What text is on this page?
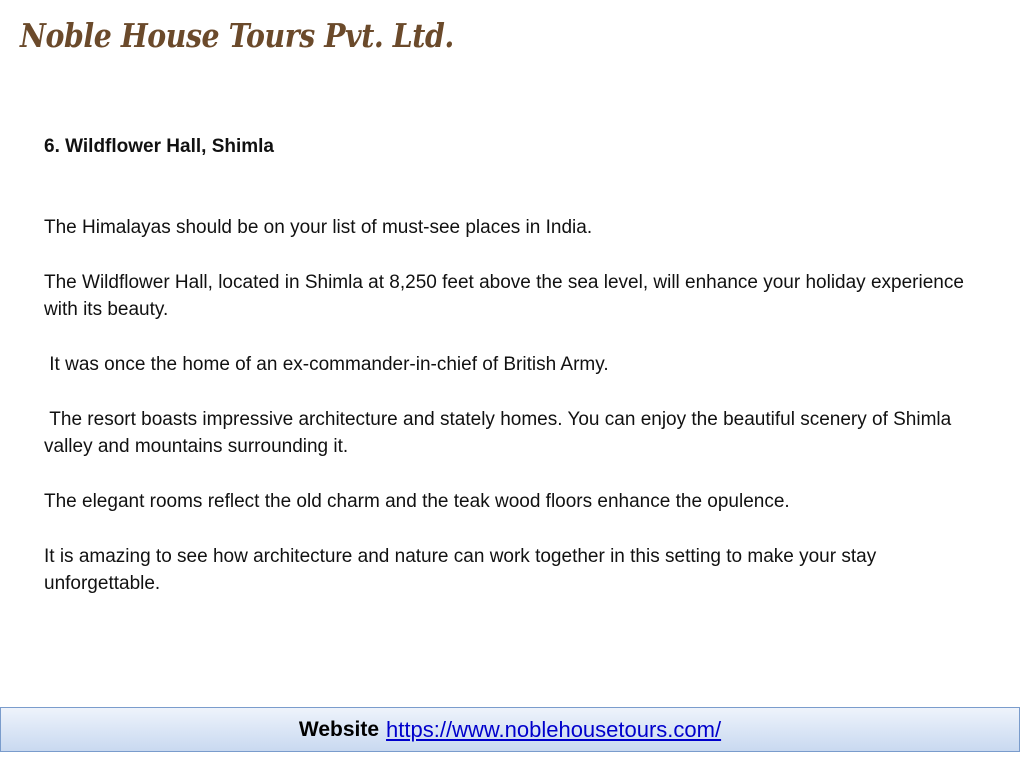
Noble House Tours Pvt. Ltd.

6. Wildflower Hall, Shimla

The Himalayas should be on your list of must-see places in India.

The Wildflower Hall, located in Shimla at 8,250 feet above the sea level, will enhance your holiday experience with its beauty.

It was once the home of an ex-commander-in-chief of British Army.

The resort boasts impressive architecture and stately homes. You can enjoy the beautiful scenery of Shimla valley and mountains surrounding it.

The elegant rooms reflect the old charm and the teak wood floors enhance the opulence.

It is amazing to see how architecture and nature can work together in this setting to make your stay unforgettable.

Website https://www.noblehousetours.com/
